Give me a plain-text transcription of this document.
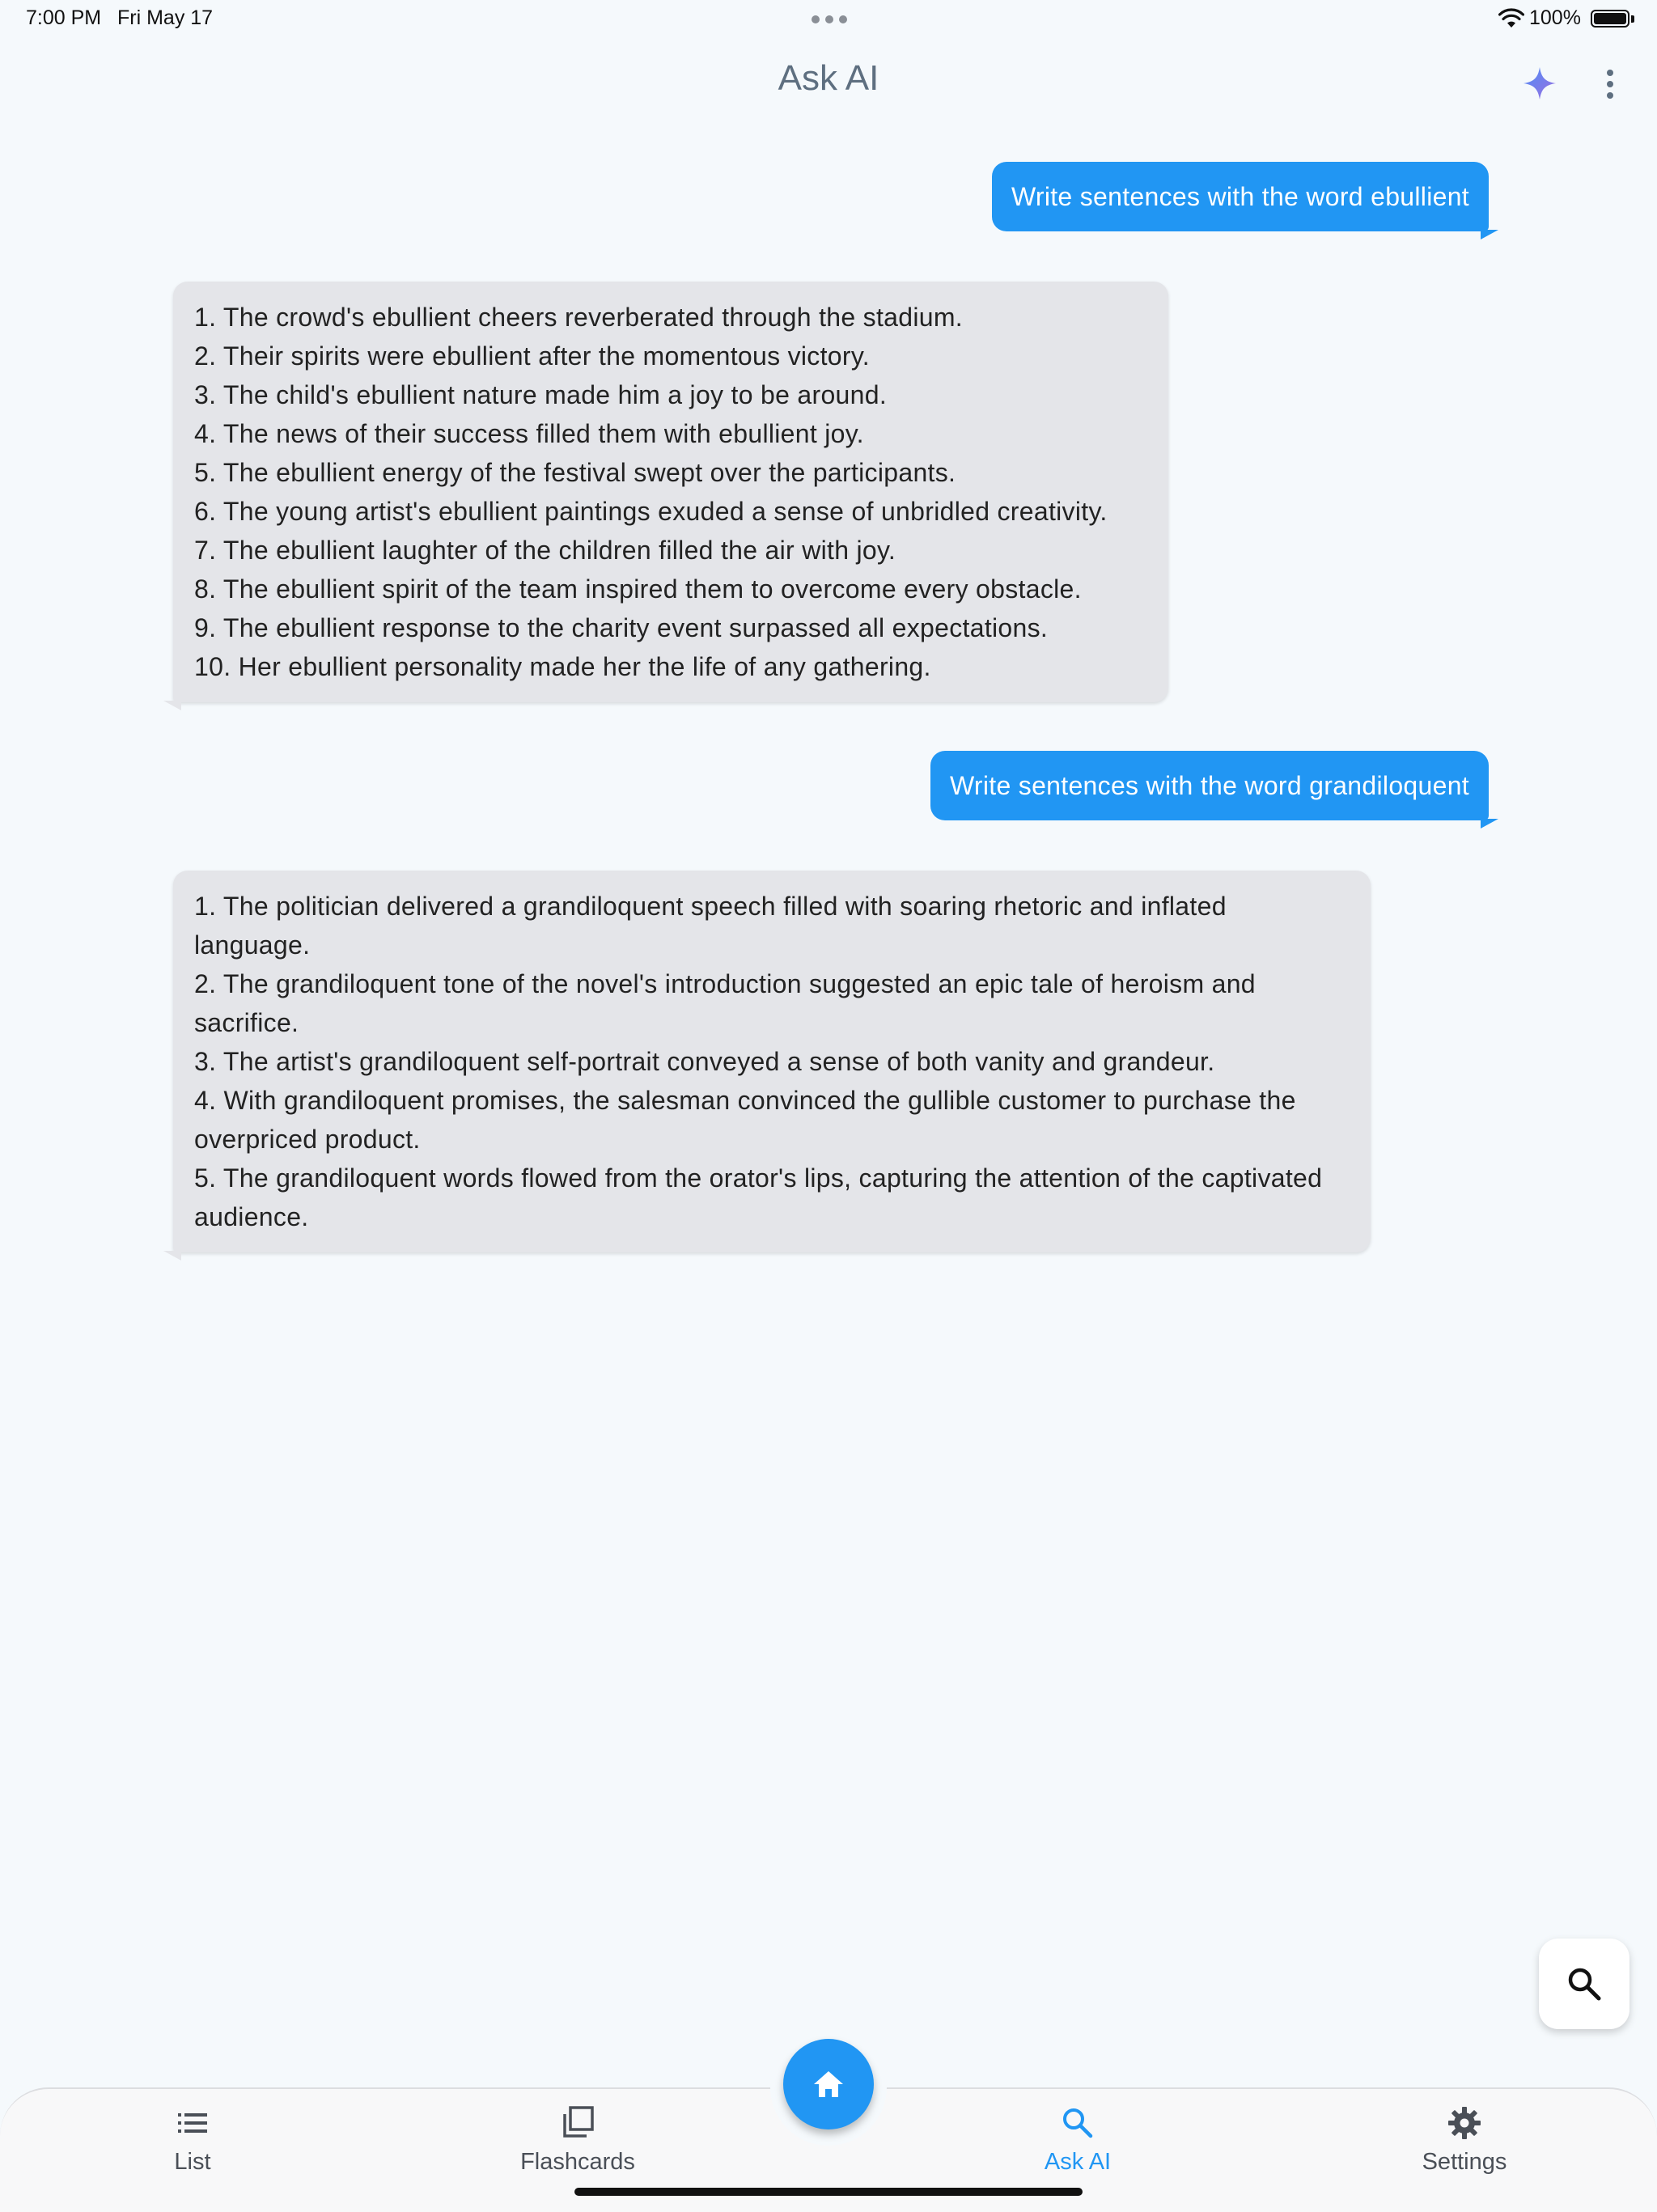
7:00 PM Fri May 17	100%
Ask AI
Write sentences with the word ebullient
1. The crowd's ebullient cheers reverberated through the stadium.
2. Their spirits were ebullient after the momentous victory.
3. The child's ebullient nature made him a joy to be around.
4. The news of their success filled them with ebullient joy.
5. The ebullient energy of the festival swept over the participants.
6. The young artist's ebullient paintings exuded a sense of unbridled creativity.
7. The ebullient laughter of the children filled the air with joy.
8. The ebullient spirit of the team inspired them to overcome every obstacle.
9. The ebullient response to the charity event surpassed all expectations.
10. Her ebullient personality made her the life of any gathering.
Write sentences with the word grandiloquent
1. The politician delivered a grandiloquent speech filled with soaring rhetoric and inflated language.
2. The grandiloquent tone of the novel's introduction suggested an epic tale of heroism and sacrifice.
3. The artist's grandiloquent self-portrait conveyed a sense of both vanity and grandeur.
4. With grandiloquent promises, the salesman convinced the gullible customer to purchase the overpriced product.
5. The grandiloquent words flowed from the orator's lips, capturing the attention of the captivated audience.
List	Flashcards	Ask AI	Settings
